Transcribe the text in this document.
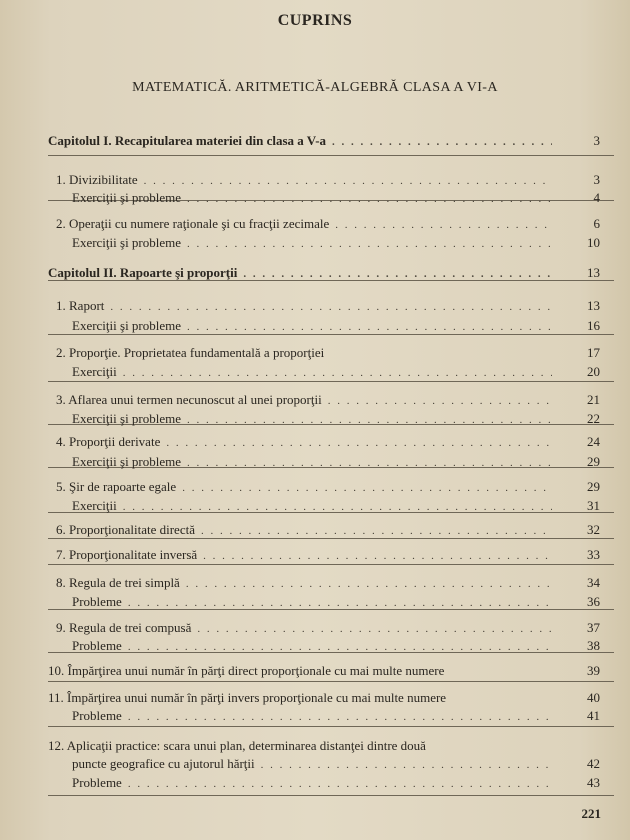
CUPRINS
MATEMATICĂ. ARITMETICĂ-ALGEBRĂ CLASA A VI-A
Capitolul I. Recapitularea materiei din clasa a V-a . . .	3
1. Divizibilitate . . .	3
Exerciţii şi probleme . . .	4
2. Operaţii cu numere raţionale şi cu fracţii zecimale . . .	6
Exerciţii şi probleme . . .	10
Capitolul II. Rapoarte şi proporţii . . .	13
1. Raport . . .	13
Exerciţii şi probleme . . .	16
2. Proporţie. Proprietatea fundamentală a proporţiei	17
Exerciţii . . .	20
3. Aflarea unui termen necunoscut al unei proporţii . . .	21
Exerciţii şi probleme . . .	22
4. Proporţii derivate . . .	24
Exerciţii şi probleme . . .	29
5. Şir de rapoarte egale . . .	29
Exerciţii . . .	31
6. Proporţionalitate directă . . .	32
7. Proporţionalitate inversă . . .	33
8. Regula de trei simplă . . .	34
Probleme . . .	36
9. Regula de trei compusă . . .	37
Probleme . . .	38
10. Împărţirea unui număr în părţi direct proporţionale cu mai multe numere	39
11. Împărţirea unui număr în părţi invers proporţionale cu mai multe numere	40
Probleme . . .	41
12. Aplicaţii practice: scara unui plan, determinarea distanţei dintre două
puncte geografice cu ajutorul hărţii . . .	42
Probleme . . .	43
221
